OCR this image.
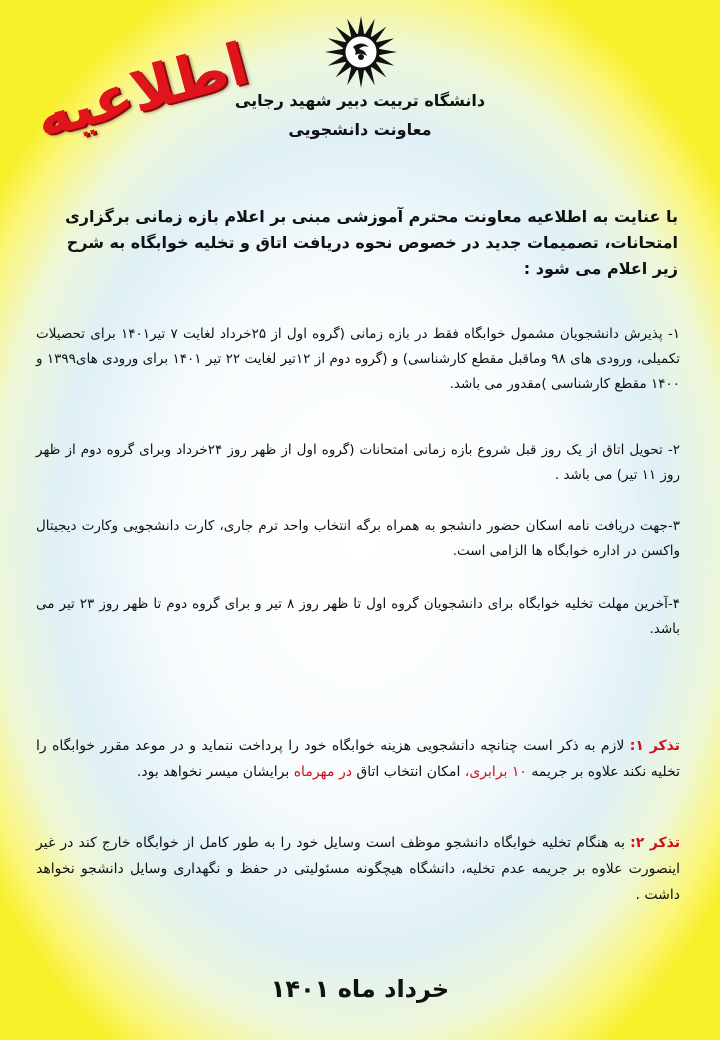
اطلاعیه
دانشگاه تربیت دبیر شهید رجایی
معاونت دانشجویی
با عنایت به اطلاعیه معاونت محترم آموزشی مبنی بر اعلام بازه زمانی برگزاری امتحانات، تصمیمات جدید در خصوص نحوه دریافت اتاق و تخلیه خوابگاه به شرح زیر اعلام می شود :
۱- پذیرش دانشجویان مشمول خوابگاه فقط در بازه زمانی (گروه اول از ۲۵خرداد لغایت ۷ تیر۱۴۰۱ برای تحصیلات تکمیلی، ورودی های ۹۸ وماقبل مقطع کارشناسی) و (گروه دوم از ۱۲تیر لغایت ۲۲ تیر ۱۴۰۱ برای ورودی های۱۳۹۹ و ۱۴۰۰ مقطع کارشناسی )مقدور می باشد.
۲- تحویل اتاق از یک روز قبل شروع بازه زمانی امتحانات (گروه اول از ظهر روز ۲۴خرداد وبرای گروه دوم از ظهر روز ۱۱ تیر) می باشد .
۳-جهت دریافت نامه اسکان حضور دانشجو به همراه برگه انتخاب واحد ترم جاری، کارت دانشجویی وکارت دیجیتال واکسن در اداره خوابگاه ها الزامی است.
۴-آخرین مهلت تخلیه خوابگاه برای دانشجویان گروه اول تا ظهر روز ۸ تیر و برای گروه دوم تا ظهر روز ۲۳ تیر می باشد.
تذکر ۱: لازم به ذکر است چنانچه دانشجویی هزینه خوابگاه خود را پرداخت ننماید و در موعد مقرر خوابگاه را تخلیه نکند علاوه بر جریمه ۱۰ برابری، امکان انتخاب اتاق در مهرماه برایشان میسر نخواهد بود.
تذکر ۲: به هنگام تخلیه خوابگاه دانشجو موظف است وسایل خود را به طور کامل از خوابگاه خارج کند در غیر اینصورت علاوه بر جریمه عدم تخلیه، دانشگاه هیچگونه مسئولیتی در حفظ و نگهداری وسایل دانشجو نخواهد داشت .
خرداد ماه ۱۴۰۱
